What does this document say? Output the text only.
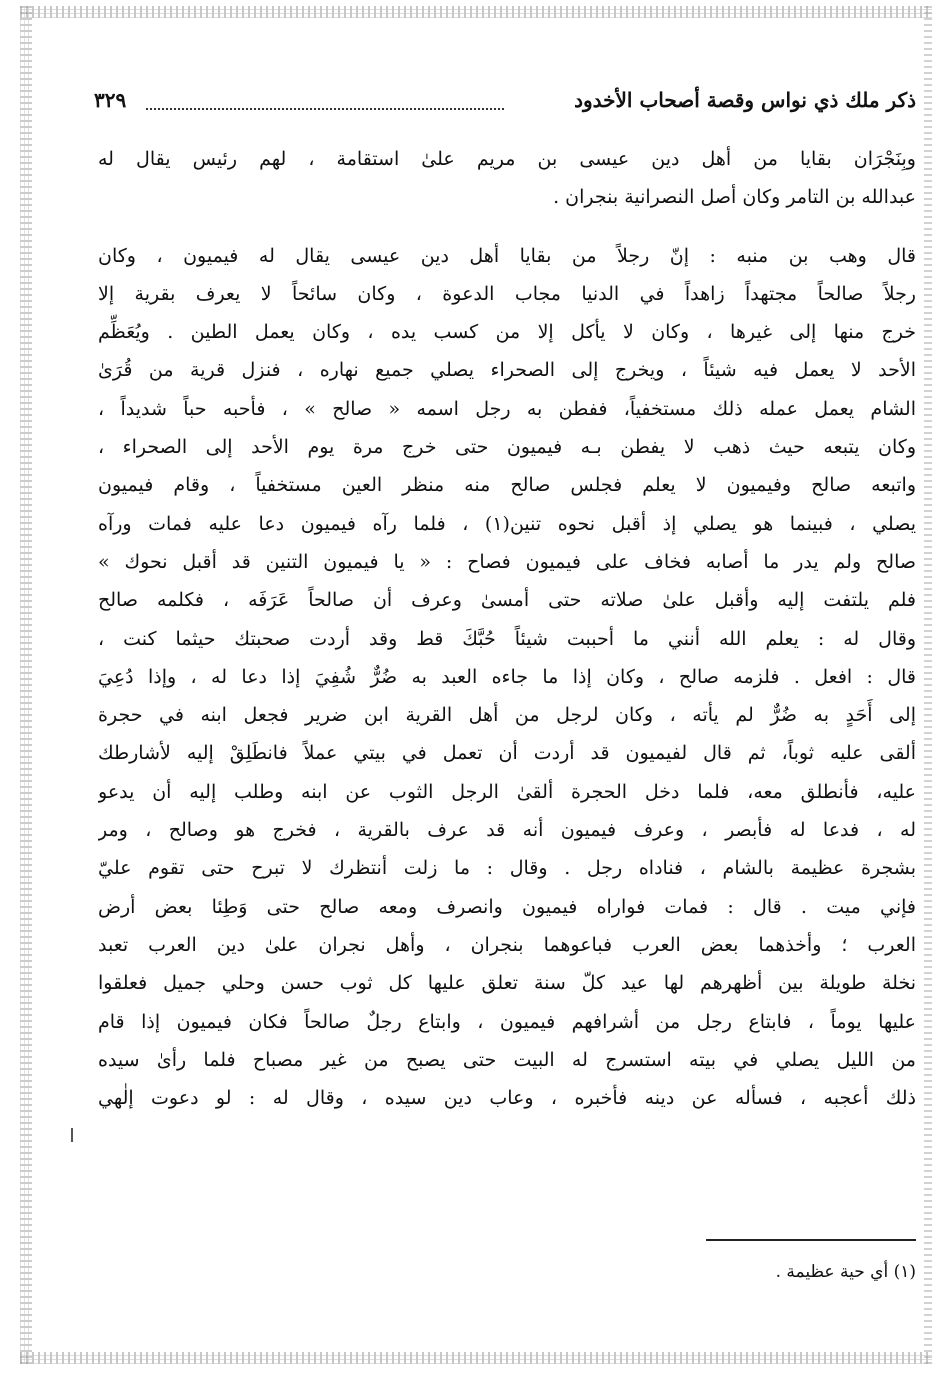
ذكر ملك ذي نواس وقصة أصحاب الأخدود
٣٢٩
وبِنَجْرَان بقايا من أهل دين عيسى بن مريم علىٰ استقامة ، لهم رئيس يقال له
عبدالله بن التامر وكان أصل النصرانية بنجران .
قال وهب بن منبه : إنّ رجلاً من بقايا أهل دين عيسى يقال له فيميون ، وكان
رجلاً صالحاً مجتهداً زاهداً في الدنيا مجاب الدعوة ، وكان سائحاً لا يعرف بقرية إلا
خرج منها إلى غيرها ، وكان لا يأكل إلا من كسب يده ، وكان يعمل الطين . ويُعَظِّم
الأحد لا يعمل فيه شيئاً ، ويخرج إلى الصحراء يصلي جميع نهاره ، فنزل قرية من قُرَىٰ
الشام يعمل عمله ذلك مستخفياً، ففطن به رجل اسمه « صالح » ، فأحبه حباً شديداً ،
وكان يتبعه حيث ذهب لا يفطن بـه فيميون حتى خرج مرة يوم الأحد إلى الصحراء ،
واتبعه صالح وفيميون لا يعلم فجلس صالح منه منظر العين مستخفياً ، وقام فيميون
يصلي ، فبينما هو يصلي إذ أقبل نحوه تنين(١) ، فلما رآه فيميون دعا عليه فمات ورآه
صالح ولم يدر ما أصابه فخاف على فيميون فصاح : « يا فيميون التنين قد أقبل نحوك »
فلم يلتفت إليه وأقبل علىٰ صلاته حتى أمسىٰ وعرف أن صالحاً عَرَفَه ، فكلمه صالح
وقال له : يعلم الله أنني ما أحببت شيئاً حُبَّكَ قط وقد أردت صحبتك حيثما كنت ،
قال : افعل . فلزمه صالح ، وكان إذا ما جاءه العبد به ضُرٌّ شُفِيَ إذا دعا له ، وإذا دُعِيَ
إلى أَحَدٍ به ضُرٌّ لم يأته ، وكان لرجل من أهل القرية ابن ضرير فجعل ابنه في حجرة
ألقى عليه ثوباً، ثم قال لفيميون قد أردت أن تعمل في بيتي عملاً فانطَلِقْ إليه لأشارطك
عليه، فأنطلق معه، فلما دخل الحجرة ألقىٰ الرجل الثوب عن ابنه وطلب إليه أن يدعو
له ، فدعا له فأبصر ، وعرف فيميون أنه قد عرف بالقرية ، فخرج هو وصالح ، ومر
بشجرة عظيمة بالشام ، فناداه رجل . وقال : ما زلت أنتظرك لا تبرح حتى تقوم عليّ
فإني ميت . قال : فمات فواراه فيميون وانصرف ومعه صالح حتى وَطِئا بعض أرض
العرب ؛ وأخذهما بعض العرب فباعوهما بنجران ، وأهل نجران علىٰ دين العرب تعبد
نخلة طويلة بين أظهرهم لها عيد كلّ سنة تعلق عليها كل ثوب حسن وحلي جميل فعلقوا
عليها يوماً ، فابتاع رجل من أشرافهم فيميون ، وابتاع رجلٌ صالحاً فكان فيميون إذا قام
من الليل يصلي في بيته استسرج له البيت حتى يصبح من غير مصباح فلما رأىٰ سيده
ذلك أعجبه ، فسأله عن دينه فأخبره ، وعاب دين سيده ، وقال له : لو دعوت إلٰهي
(١) أي حية عظيمة .
